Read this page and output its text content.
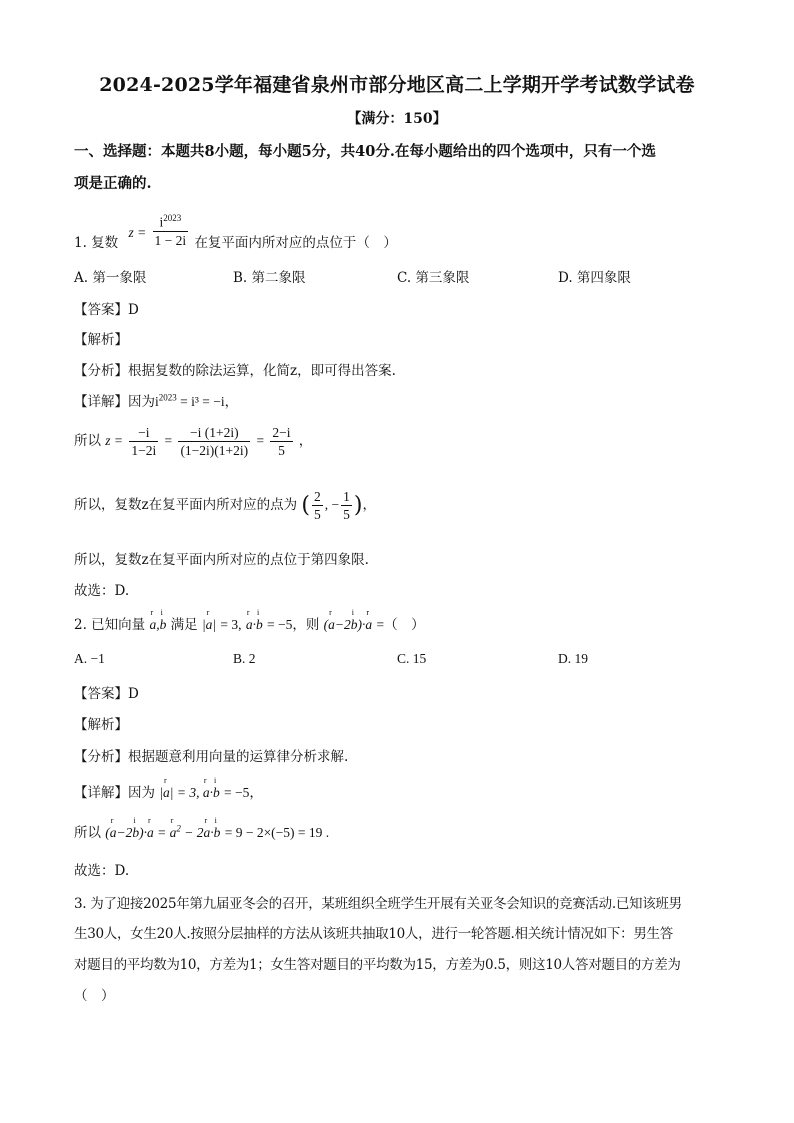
2024-2025学年福建省泉州市部分地区高二上学期开学考试数学试卷
【满分：150】
一、选择题：本题共8小题，每小题5分，共40分.在每小题给出的四个选项中，只有一个选
项是正确的.
1. 复数 $z = \frac{i^{2023}}{1 - 2i}$ 在复平面内所对应的点位于（　）
A. 第一象限	B. 第二象限	C. 第三象限	D. 第四象限
【答案】D
【解析】
【分析】根据复数的除法运算，化简z，即可得出答案.
【详解】因为$i^{2023} = i^3 = -i$，
所以 $z = \frac{-i}{1-2i} = \frac{-i (1+2i)}{(1-2i)(1+2i)} = \frac{2-i}{5}$ ，
所以，复数z在复平面内所对应的点为 ( $\frac{2}{5}$ , − $\frac{1}{5}$ )，
所以，复数z在复平面内所对应的点位于第四象限.
故选：D.
2. 已知向量 r a,i b 满足 |r a| = 3, r a·i b = −5，则 (r a−2i b)·r a =（　）
A. −1	B. 2	C. 15	D. 19
【答案】D
【解析】
【分析】根据题意利用向量的运算律分析求解.
【详解】因为 |r a| = 3, r a·i b = −5，
所以 (r a−2i b)·r a = r $a^2 - 2r$ a·i b = 9 − 2×(−5) = 19 .
故选：D.
3. 为了迎接2025年第九届亚冬会的召开，某班组织全班学生开展有关亚冬会知识的竞赛活动.已知该班男
生30人，女生20人.按照分层抽样的方法从该班共抽取10人，进行一轮答题.相关统计情况如下：男生答
对题目的平均数为10，方差为1；女生答对题目的平均数为15，方差为0.5，则这10人答对题目的方差为
（　）
